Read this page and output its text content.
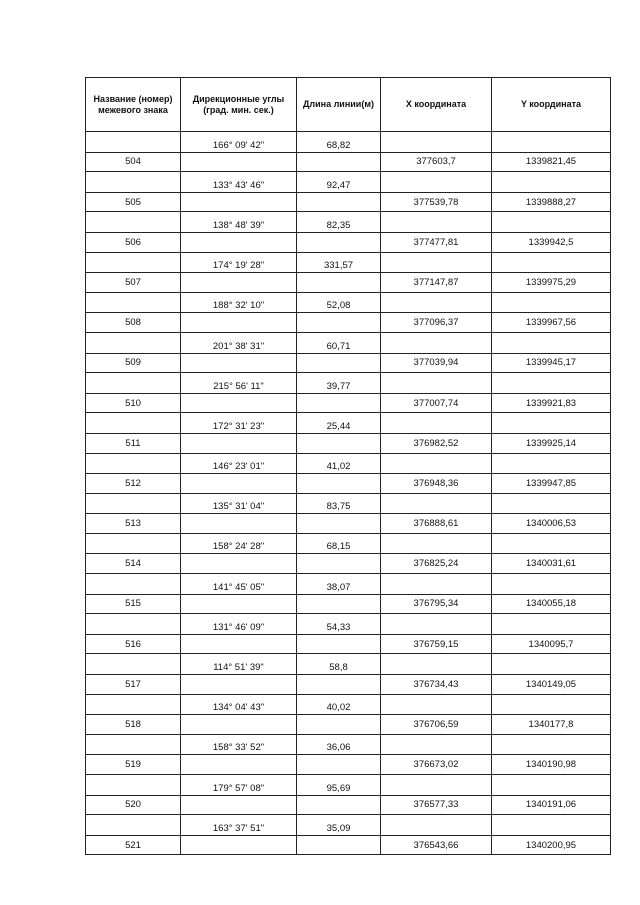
Название (номер) межевого знака	Дирекционные углы (град. мин. сек.)	Длина линии(м)	X координата	Y координата
	166° 09' 42"	68,82		
504			377603,7	1339821,45
	133° 43' 46"	92,47		
505			377539,78	1339888,27
	138° 48' 39"	82,35		
506			377477,81	1339942,5
	174° 19' 28"	331,57		
507			377147,87	1339975,29
	188° 32' 10"	52,08		
508			377096,37	1339967,56
	201° 38' 31"	60,71		
509			377039,94	1339945,17
	215° 56' 11"	39,77		
510			377007,74	1339921,83
	172° 31' 23"	25,44		
511			376982,52	1339925,14
	146° 23' 01"	41,02		
512			376948,36	1339947,85
	135° 31' 04"	83,75		
513			376888,61	1340006,53
	158° 24' 28"	68,15		
514			376825,24	1340031,61
	141° 45' 05"	38,07		
515			376795,34	1340055,18
	131° 46' 09"	54,33		
516			376759,15	1340095,7
	114° 51' 39"	58,8		
517			376734,43	1340149,05
	134° 04' 43"	40,02		
518			376706,59	1340177,8
	158° 33' 52"	36,06		
519			376673,02	1340190,98
	179° 57' 08"	95,69		
520			376577,33	1340191,06
	163° 37' 51"	35,09		
521			376543,66	1340200,95
